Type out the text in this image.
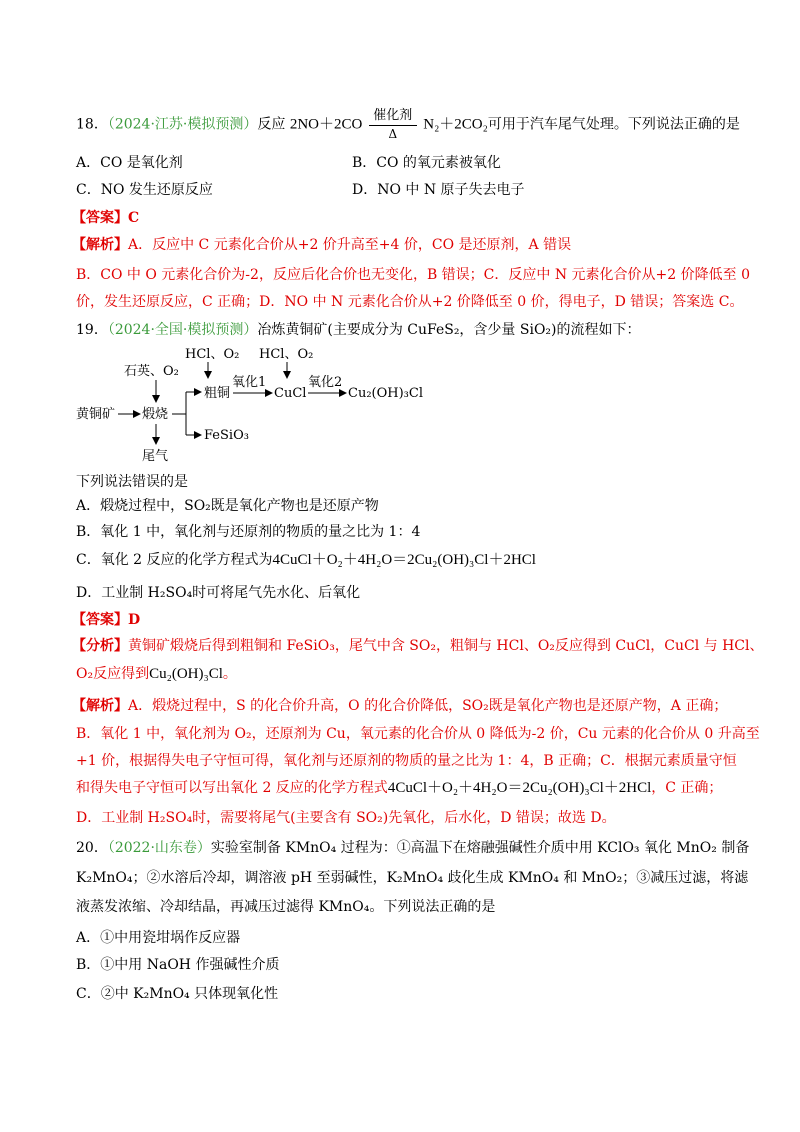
18．（2024·江苏·模拟预测）反应 2NO＋2CO
催化剂
Δ
N₂＋2CO₂可用于汽车尾气处理。下列说法正确的是
A．CO 是氧化剂	B．CO 的氧元素被氧化
C．NO 发生还原反应	D．NO 中 N 原子失去电子
【答案】C
【解析】A．反应中 C 元素化合价从+2 价升高至+4 价，CO 是还原剂，A 错误
B．CO 中 O 元素化合价为-2，反应后化合价也无变化，B 错误；C．反应中 N 元素化合价从+2 价降低至 0
价，发生还原反应，C 正确；D．NO 中 N 元素化合价从+2 价降低至 0 价，得电子，D 错误；答案选 C。
19．（2024·全国·模拟预测）冶炼黄铜矿(主要成分为 CuFeS₂，含少量 SiO₂)的流程如下：
HCl、O₂ HCl、O₂
石英、O₂
黄铜矿 煅烧
粗铜
氧化1
CuCl
氧化2
Cu₂(OH)₃Cl
FeSiO₃
尾气
下列说法错误的是
A．煅烧过程中，SO₂既是氧化产物也是还原产物
B．氧化 1 中，氧化剂与还原剂的物质的量之比为 1：4
C．氧化 2 反应的化学方程式为4CuCl＋O₂＋4H₂O＝2Cu₂(OH)₃Cl＋2HCl
D．工业制 H₂SO₄时可将尾气先水化、后氧化
【答案】D
【分析】黄铜矿煅烧后得到粗铜和 FeSiO₃，尾气中含 SO₂，粗铜与 HCl、O₂反应得到 CuCl，CuCl 与 HCl、
O₂反应得到Cu₂(OH)₃Cl。
【解析】A．煅烧过程中，S 的化合价升高，O 的化合价降低，SO₂既是氧化产物也是还原产物，A 正确；
B．氧化 1 中，氧化剂为 O₂，还原剂为 Cu，氧元素的化合价从 0 降低为-2 价，Cu 元素的化合价从 0 升高至
+1 价，根据得失电子守恒可得，氧化剂与还原剂的物质的量之比为 1：4，B 正确；C．根据元素质量守恒
和得失电子守恒可以写出氧化 2 反应的化学方程式4CuCl＋O₂＋4H₂O＝2Cu₂(OH)₃Cl＋2HCl，C 正确；
D．工业制 H₂SO₄时，需要将尾气(主要含有 SO₂)先氧化，后水化，D 错误；故选 D。
20．（2022·山东卷）实验室制备 KMnO₄ 过程为：①高温下在熔融强碱性介质中用 KClO₃ 氧化 MnO₂ 制备
K₂MnO₄；②水溶后冷却，调溶液 pH 至弱碱性，K₂MnO₄ 歧化生成 KMnO₄ 和 MnO₂；③减压过滤，将滤
液蒸发浓缩、冷却结晶，再减压过滤得 KMnO₄。下列说法正确的是
A．①中用瓷坩埚作反应器
B．①中用 NaOH 作强碱性介质
C．②中 K₂MnO₄ 只体现氧化性
